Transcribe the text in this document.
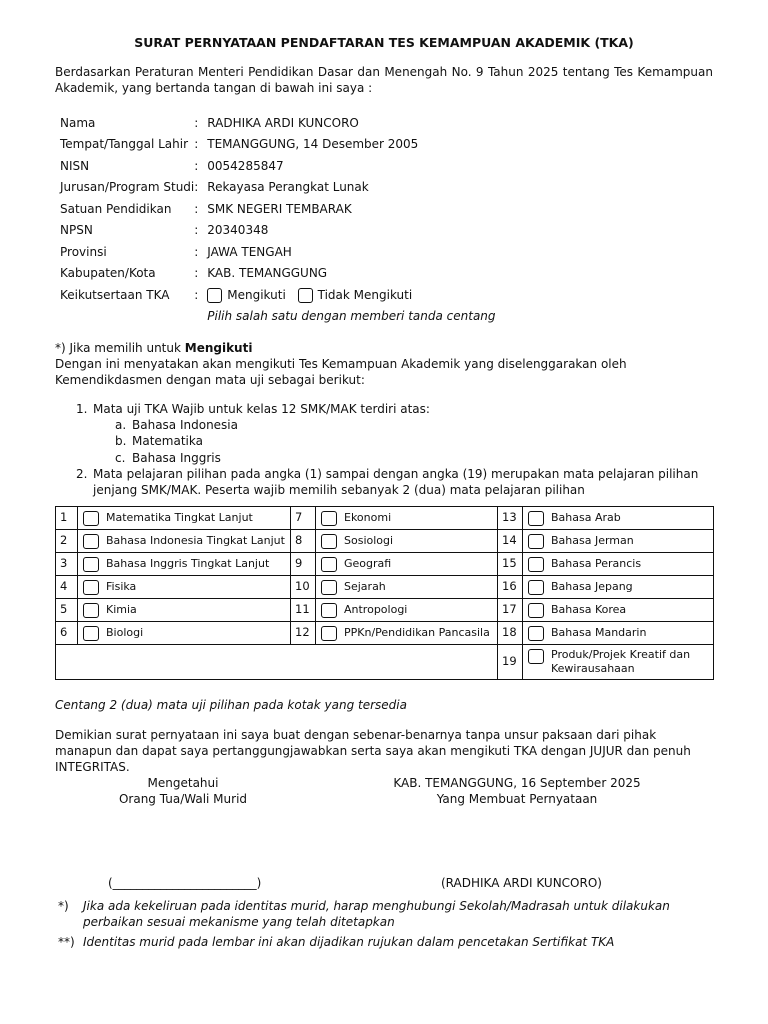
SURAT PERNYATAAN PENDAFTARAN TES KEMAMPUAN AKADEMIK (TKA)
Berdasarkan Peraturan Menteri Pendidikan Dasar dan Menengah No. 9 Tahun 2025 tentang Tes Kemampuan Akademik, yang bertanda tangan di bawah ini saya :
Nama	:	RADHIKA ARDI KUNCORO
Tempat/Tanggal Lahir	:	TEMANGGUNG, 14 Desember 2005
NISN	:	0054285847
Jurusan/Program Studi	:	Rekayasa Perangkat Lunak
Satuan Pendidikan	:	SMK NEGERI TEMBARAK
NPSN	:	20340348
Provinsi	:	JAWA TENGAH
Kabupaten/Kota	:	KAB. TEMANGGUNG
Keikutsertaan TKA	:	Mengikuti Tidak Mengikuti
		Pilih salah satu dengan memberi tanda centang
*) Jika memilih untuk Mengikuti
Dengan ini menyatakan akan mengikuti Tes Kemampuan Akademik yang diselenggarakan oleh Kemendikdasmen dengan mata uji sebagai berikut:
1. Mata uji TKA Wajib untuk kelas 12 SMK/MAK terdiri atas:
a. Bahasa Indonesia
b. Matematika
c. Bahasa Inggris
2. Mata pelajaran pilihan pada angka (1) sampai dengan angka (19) merupakan mata pelajaran pilihan jenjang SMK/MAK. Peserta wajib memilih sebanyak 2 (dua) mata pelajaran pilihan
1	Matematika Tingkat Lanjut	7	Ekonomi	13	Bahasa Arab

2	Bahasa Indonesia Tingkat Lanjut	8	Sosiologi	14	Bahasa Jerman

3	Bahasa Inggris Tingkat Lanjut	9	Geografi	15	Bahasa Perancis

4	Fisika	10	Sejarah	16	Bahasa Jepang

5	Kimia	11	Antropologi	17	Bahasa Korea

6	Biologi	12	PPKn/Pendidikan Pancasila	18	Bahasa Mandarin

				19	Produk/Projek Kreatif dan Kewirausahaan
Centang 2 (dua) mata uji pilihan pada kotak yang tersedia
Demikian surat pernyataan ini saya buat dengan sebenar-benarnya tanpa unsur paksaan dari pihak manapun dan dapat saya pertanggungjawabkan serta saya akan mengikuti TKA dengan JUJUR dan penuh INTEGRITAS.
Mengetahui
Orang Tua/Wali Murid
KAB. TEMANGGUNG, 16 September 2025
Yang Membuat Pernyataan
(________________________)	(RADHIKA ARDI KUNCORO)
*)	Jika ada kekeliruan pada identitas murid, harap menghubungi Sekolah/Madrasah untuk dilakukan perbaikan sesuai mekanisme yang telah ditetapkan
**) Identitas murid pada lembar ini akan dijadikan rujukan dalam pencetakan Sertifikat TKA
